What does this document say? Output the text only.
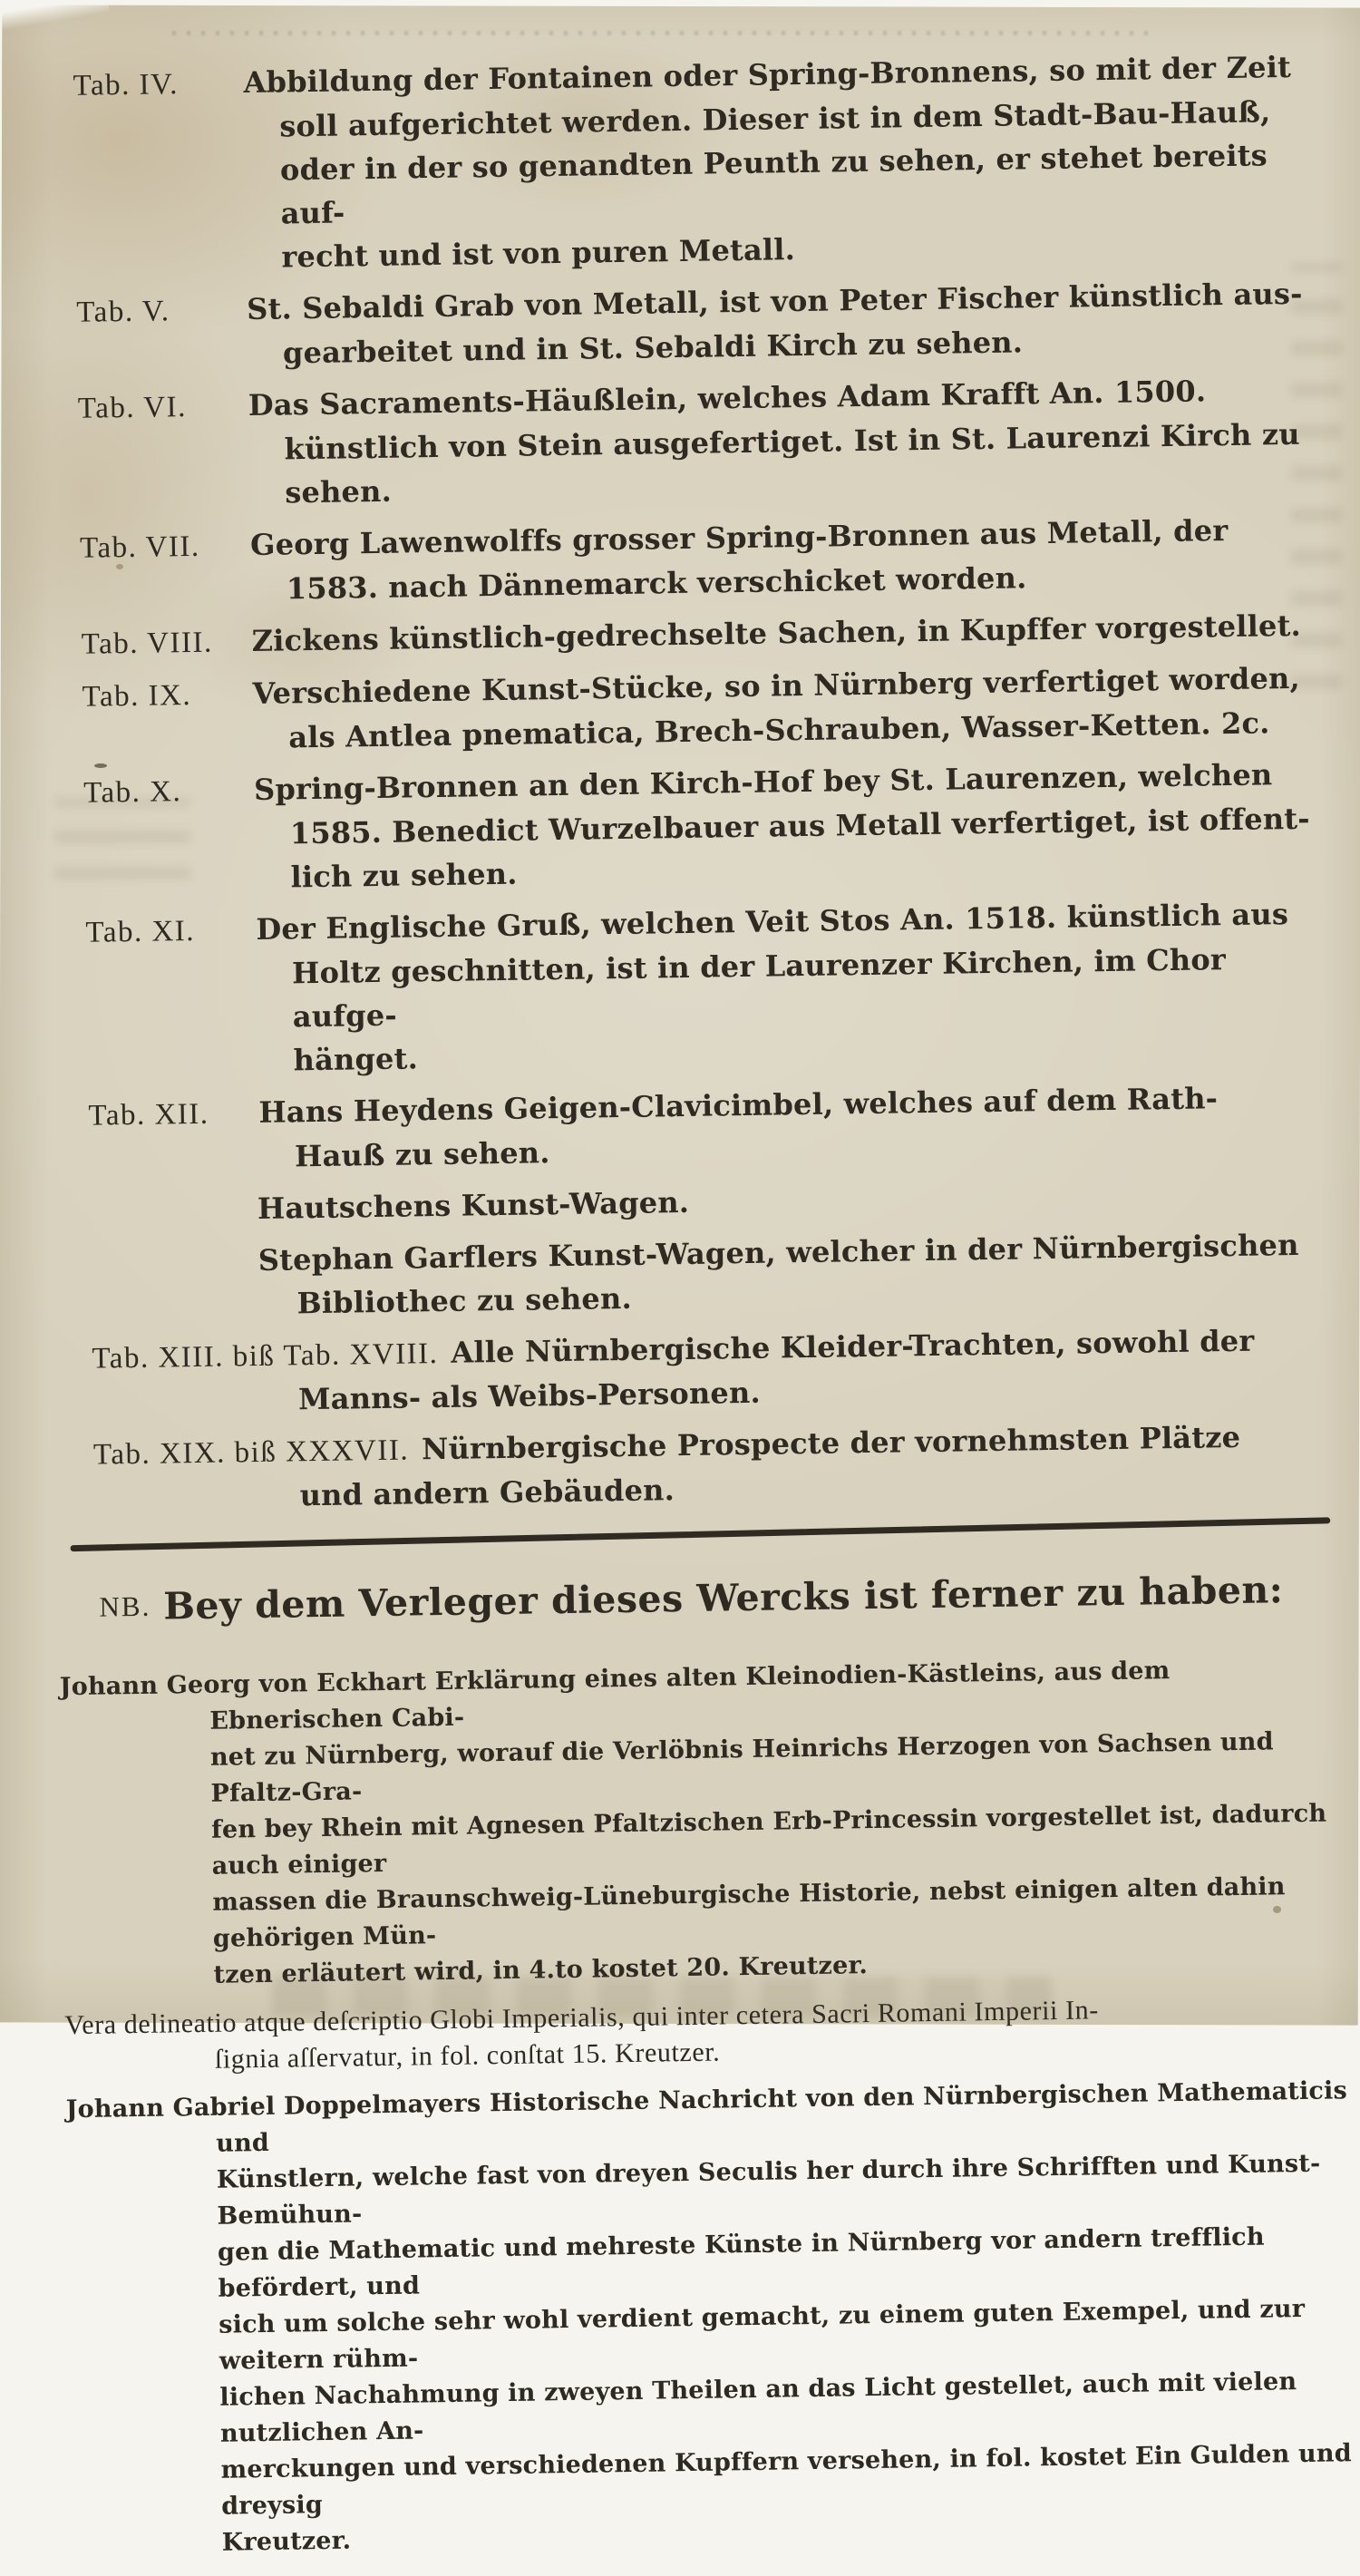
Tab. IV. Abbildung der Fontainen oder Spring-Bronnens, so mit der Zeit
soll aufgerichtet werden. Dieser ist in dem Stadt-Bau-Hauß,
oder in der so genandten Peunth zu sehen, er stehet bereits auf-
recht und ist von puren Metall.
Tab. V.	St. Sebaldi Grab von Metall, ist von Peter Fischer künstlich aus-
gearbeitet und in St. Sebaldi Kirch zu sehen.
Tab. VI. Das Sacraments-Häußlein, welches Adam Krafft An. 1500.
künstlich von Stein ausgefertiget. Ist in St. Laurenzi Kirch zu
sehen.
Tab. VII. Georg Lawenwolffs grosser Spring-Bronnen aus Metall, der
1583. nach Dännemarck verschicket worden.
Tab. VIII. Zickens künstlich-gedrechselte Sachen, in Kupffer vorgestellet.
Tab. IX. Verschiedene Kunst-Stücke, so in Nürnberg verfertiget worden,
als Antlea pnematica, Brech-Schrauben, Wasser-Ketten. 2c.
Tab. X. Spring-Bronnen an den Kirch-Hof bey St. Laurenzen, welchen
1585. Benedict Wurzelbauer aus Metall verfertiget, ist offent-
lich zu sehen.
Tab. XI. Der Englische Gruß, welchen Veit Stos An. 1518. künstlich aus
Holtz geschnitten, ist in der Laurenzer Kirchen, im Chor aufge-
hänget.
Tab. XII. Hans Heydens Geigen-Clavicimbel, welches auf dem Rath-
Hauß zu sehen.
Hautschens Kunst-Wagen.
Stephan Garflers Kunst-Wagen, welcher in der Nürnbergischen
Bibliothec zu sehen.
Tab. XIII. biß Tab. XVIII. Alle Nürnbergische Kleider-Trachten, sowohl der
Manns- als Weibs-Personen.
Tab. XIX. biß XXXVII. Nürnbergische Prospecte der vornehmsten Plätze
und andern Gebäuden.
NB. Bey dem Verleger dieses Wercks ist ferner zu haben:
Johann Georg von Eckhart Erklärung eines alten Kleinodien-Kästleins, aus dem Ebnerischen Cabi-
net zu Nürnberg, worauf die Verlöbnis Heinrichs Herzogen von Sachsen und Pfaltz-Gra-
fen bey Rhein mit Agnesen Pfaltzischen Erb-Princessin vorgestellet ist, dadurch auch einiger
massen die Braunschweig-Lüneburgische Historie, nebst einigen alten dahin gehörigen Mün-
tzen erläutert wird, in 4.to kostet 20. Kreutzer.
Vera delineatio atque deſcriptio Globi Imperialis, qui inter cetera Sacri Romani Imperii In-
ſignia aſſervatur, in fol. conſtat 15. Kreutzer.
Johann Gabriel Doppelmayers Historische Nachricht von den Nürnbergischen Mathematicis und
Künstlern, welche fast von dreyen Seculis her durch ihre Schrifften und Kunst-Bemühun-
gen die Mathematic und mehreste Künste in Nürnberg vor andern trefflich befördert, und
sich um solche sehr wohl verdient gemacht, zu einem guten Exempel, und zur weitern rühm-
lichen Nachahmung in zweyen Theilen an das Licht gestellet, auch mit vielen nutzlichen An-
merckungen und verschiedenen Kupffern versehen, in fol. kostet Ein Gulden und dreysig
Kreutzer.
